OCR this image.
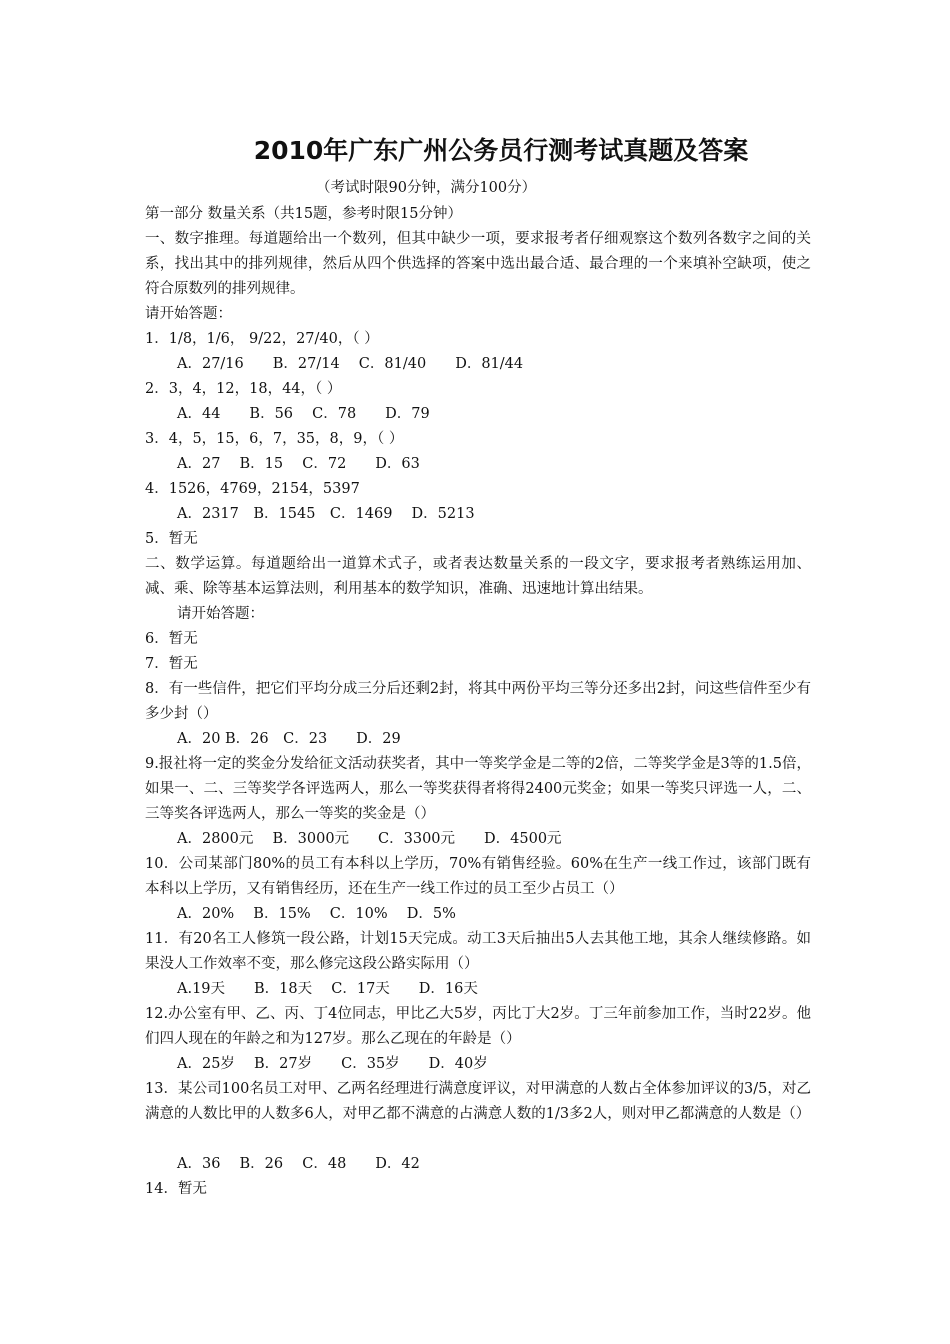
2010年广东广州公务员行测考试真题及答案
（考试时限90分钟，满分100分）
第一部分 数量关系（共15题，参考时限15分钟）
一、数字推理。每道题给出一个数列，但其中缺少一项，要求报考者仔细观察这个数列各数字之间的关系，找出其中的排列规律，然后从四个供选择的答案中选出最合适、最合理的一个来填补空缺项，使之符合原数列的排列规律。
请开始答题：
1．1/8，1/6， 9/22，27/40，（ ）
A．27/16　　B．27/14　 C．81/40　　D．81/44
2．3，4，12，18，44，（ ）
A．44　　B．56　 C．78　　D．79
3．4，5，15，6，7，35，8，9，（ ）
A．27　 B．15　 C．72　　D．63
4．1526，4769，2154，5397
A．2317　B．1545　C．1469　 D．5213
5．暂无
二、数学运算。每道题给出一道算术式子，或者表达数量关系的一段文字，要求报考者熟练运用加、减、乘、除等基本运算法则，利用基本的数学知识，准确、迅速地计算出结果。
请开始答题：
6．暂无
7．暂无
8．有一些信件，把它们平均分成三分后还剩2封，将其中两份平均三等分还多出2封，问这些信件至少有多少封（）
A．20 B．26　C．23　　D．29
9.报社将一定的奖金分发给征文活动获奖者，其中一等奖学金是二等的2倍，二等奖学金是3等的1.5倍，如果一、二、三等奖学各评选两人，那么一等奖获得者将得2400元奖金；如果一等奖只评选一人，二、三等奖各评选两人，那么一等奖的奖金是（）
A．2800元　 B．3000元　　C．3300元　　D．4500元
10．公司某部门80%的员工有本科以上学历，70%有销售经验。60%在生产一线工作过，该部门既有本科以上学历，又有销售经历，还在生产一线工作过的员工至少占员工（）
A．20%　 B．15%　 C．10%　 D．5%
11．有20名工人修筑一段公路，计划15天完成。动工3天后抽出5人去其他工地，其余人继续修路。如果没人工作效率不变，那么修完这段公路实际用（）
A.19天　　B．18天　 C．17天　　D．16天
12.办公室有甲、乙、丙、丁4位同志，甲比乙大5岁，丙比丁大2岁。丁三年前参加工作，当时22岁。他们四人现在的年龄之和为127岁。那么乙现在的年龄是（）
A．25岁　 B．27岁　　C．35岁　　D．40岁
13．某公司100名员工对甲、乙两名经理进行满意度评议，对甲满意的人数占全体参加评议的3/5，对乙满意的人数比甲的人数多6人，对甲乙都不满意的占满意人数的1/3多2人，则对甲乙都满意的人数是（）
A．36　 B．26　 C．48　　D．42
14．暂无
